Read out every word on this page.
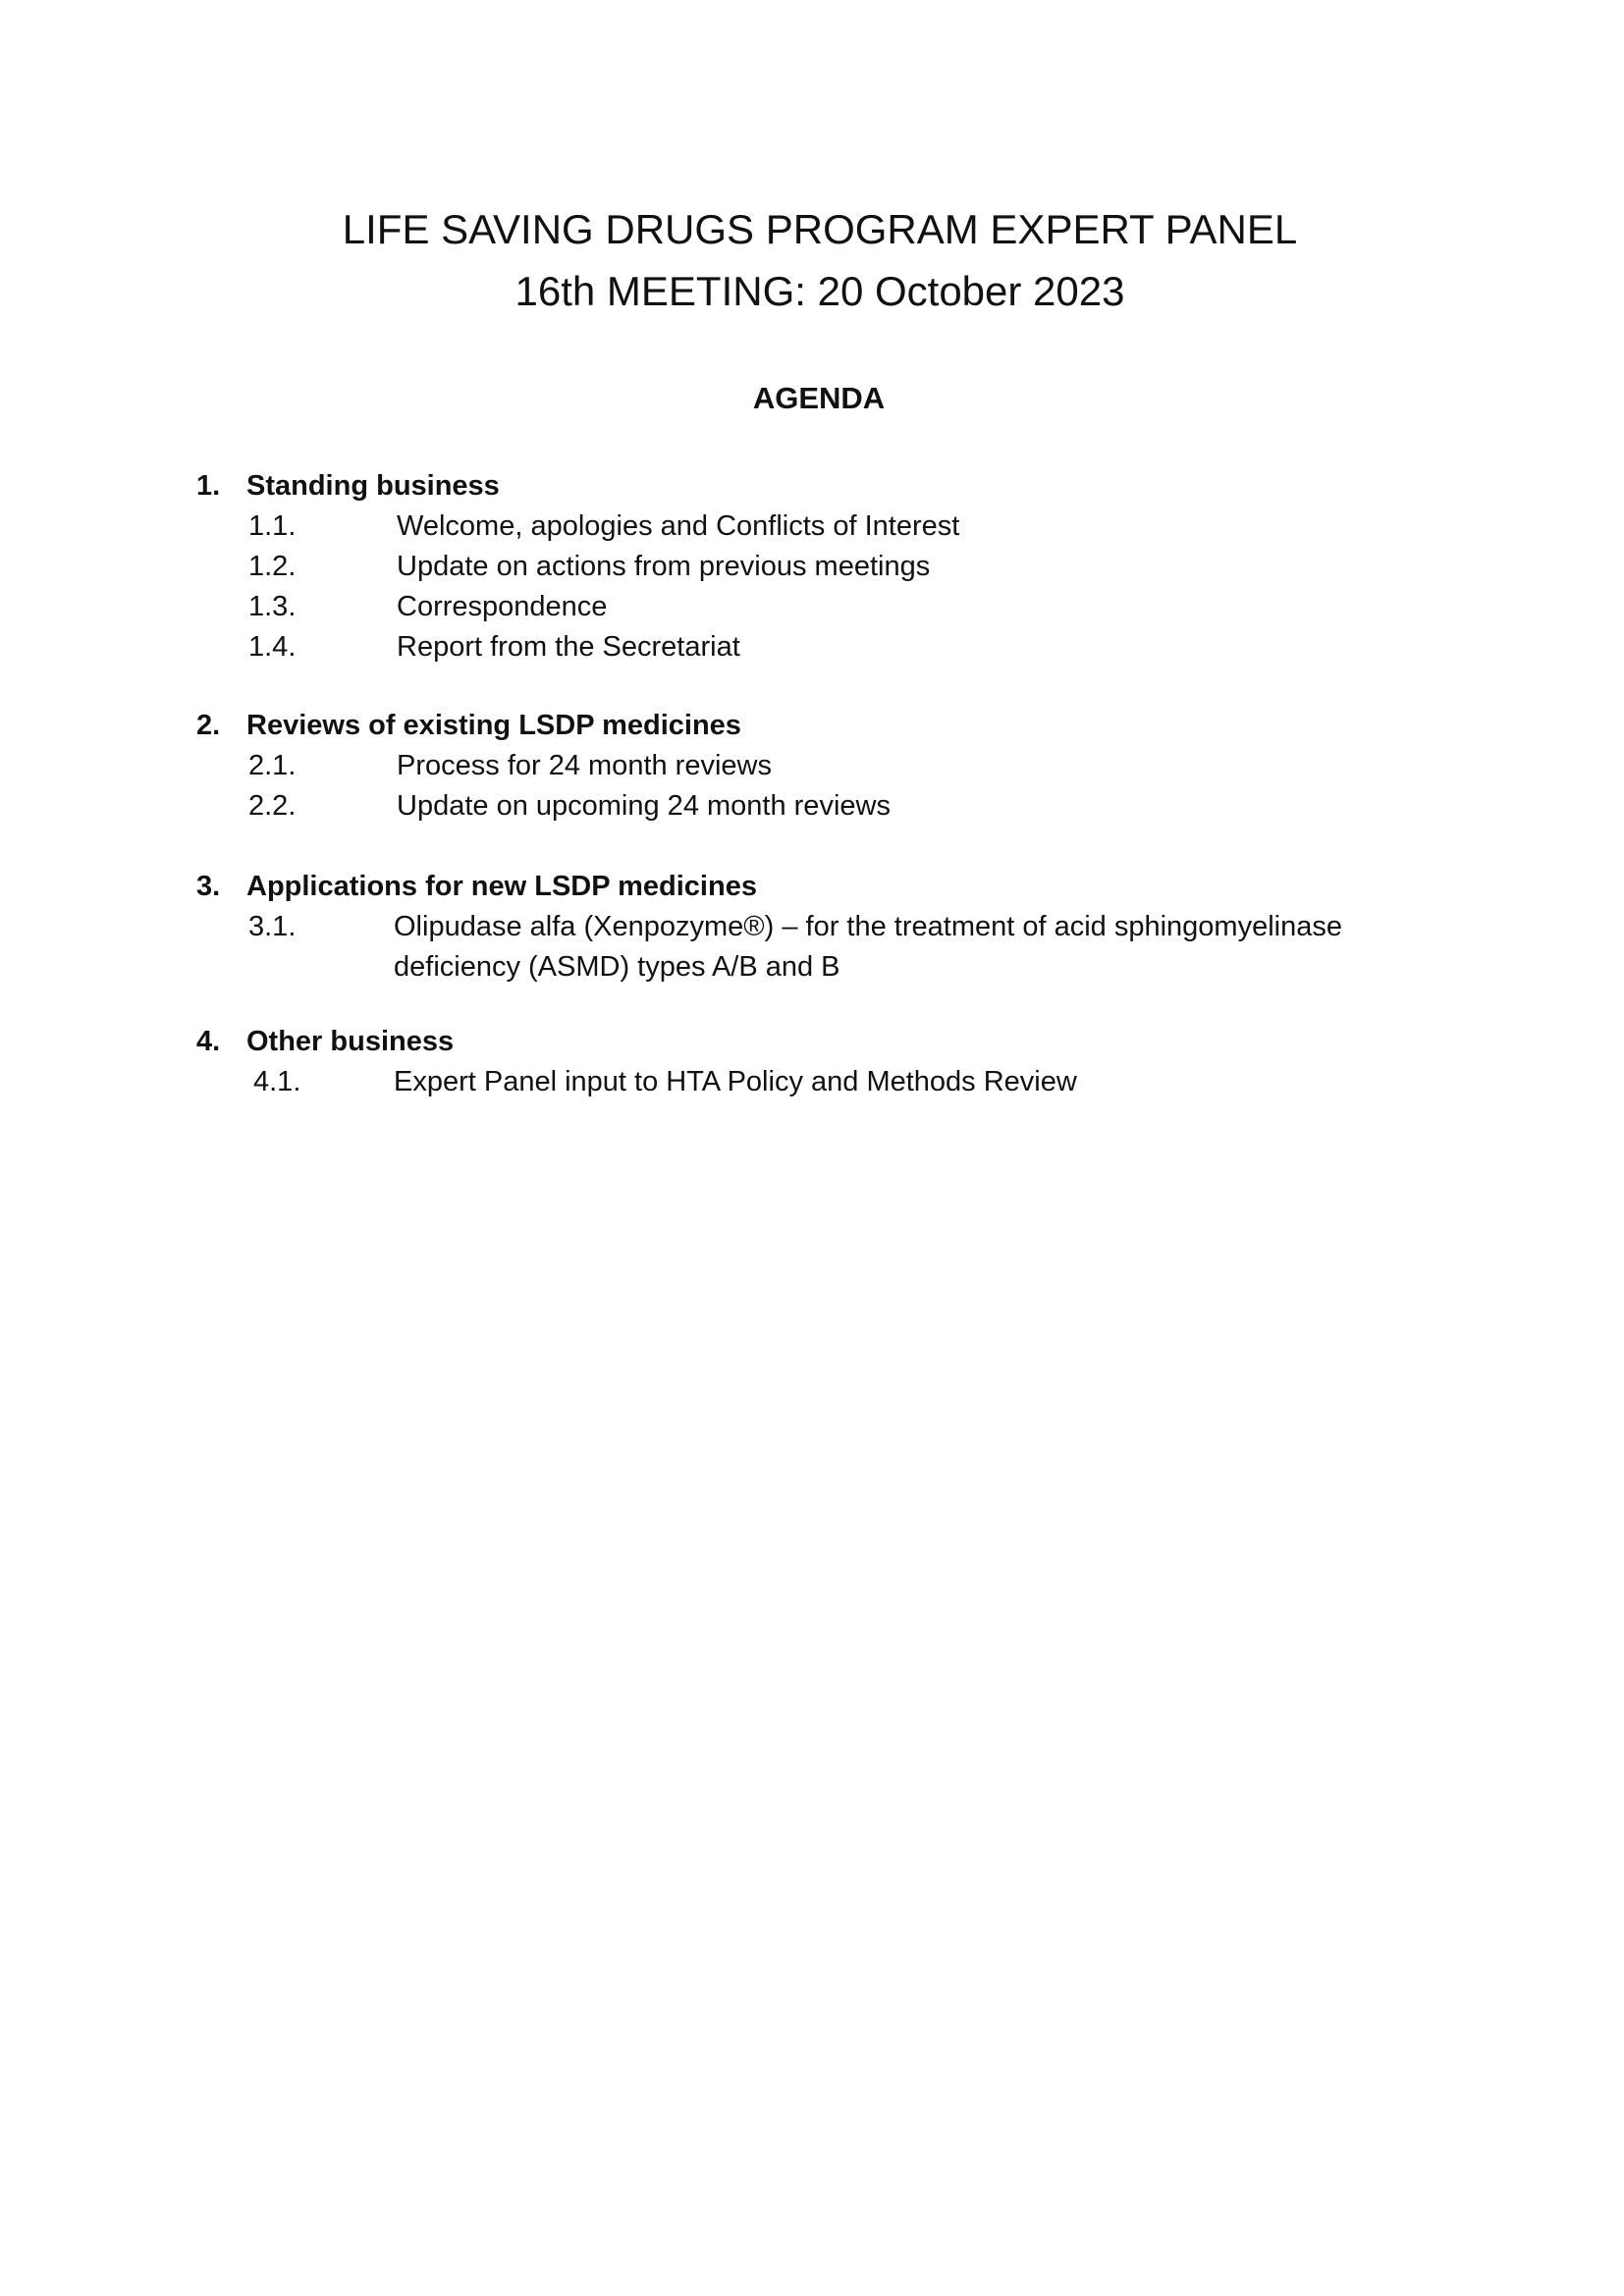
LIFE SAVING DRUGS PROGRAM EXPERT PANEL
16th MEETING: 20 October 2023
AGENDA
1. Standing business
1.1.	Welcome, apologies and Conflicts of Interest
1.2.	Update on actions from previous meetings
1.3.	Correspondence
1.4.	Report from the Secretariat
2. Reviews of existing LSDP medicines
2.1.	Process for 24 month reviews
2.2.	Update on upcoming 24 month reviews
3. Applications for new LSDP medicines
3.1.	Olipudase alfa (Xenpozyme®) – for the treatment of acid sphingomyelinase deficiency (ASMD) types A/B and B
4. Other business
4.1.	Expert Panel input to HTA Policy and Methods Review
